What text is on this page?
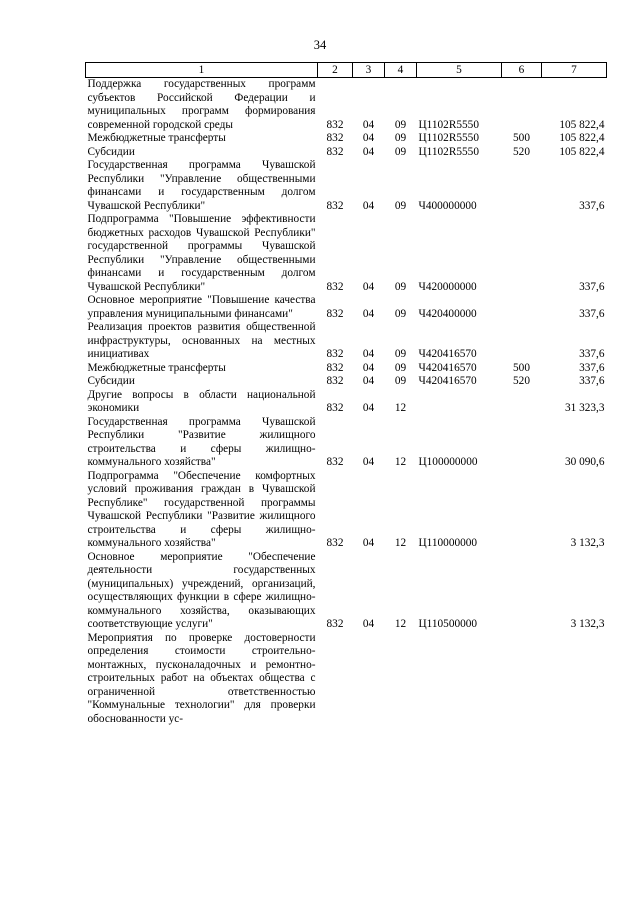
34
1	2	3	4	5	6	7
Поддержка государственных программ субъектов Российской Федерации и муниципальных программ формирования современной городской среды	832	04	09	Ц1102R5550		105 822,4
Межбюджетные трансферты	832	04	09	Ц1102R5550	500	105 822,4
Субсидии	832	04	09	Ц1102R5550	520	105 822,4
Государственная программа Чувашской Республики "Управление общественными финансами и государственным долгом Чувашской Республики"	832	04	09	Ч400000000		337,6
Подпрограмма "Повышение эффективности бюджетных расходов Чувашской Республики" государственной программы Чувашской Республики "Управление общественными финансами и государственным долгом Чувашской Республики"	832	04	09	Ч420000000		337,6
Основное мероприятие "Повышение качества управления муниципальными финансами"	832	04	09	Ч420400000		337,6
Реализация проектов развития общественной инфраструктуры, основанных на местных инициативах	832	04	09	Ч420416570		337,6
Межбюджетные трансферты	832	04	09	Ч420416570	500	337,6
Субсидии	832	04	09	Ч420416570	520	337,6
Другие вопросы в области национальной экономики	832	04	12			31 323,3
Государственная программа Чувашской Республики "Развитие жилищного строительства и сферы жилищно-коммунального хозяйства"	832	04	12	Ц100000000		30 090,6
Подпрограмма "Обеспечение комфортных условий проживания граждан в Чувашской Республике" государственной программы Чувашской Республики "Развитие жилищного строительства и сферы жилищно-коммунального хозяйства"	832	04	12	Ц110000000		3 132,3
Основное мероприятие "Обеспечение деятельности государственных (муниципальных) учреждений, организаций, осуществляющих функции в сфере жилищно-коммунального хозяйства, оказывающих соответствующие услуги"	832	04	12	Ц110500000		3 132,3
Мероприятия по проверке достоверности определения стоимости строительно-монтажных, пусконаладочных и ремонтно-строительных работ на объектах общества с ограниченной ответственностью "Коммунальные технологии" для проверки обоснованности ус-						
